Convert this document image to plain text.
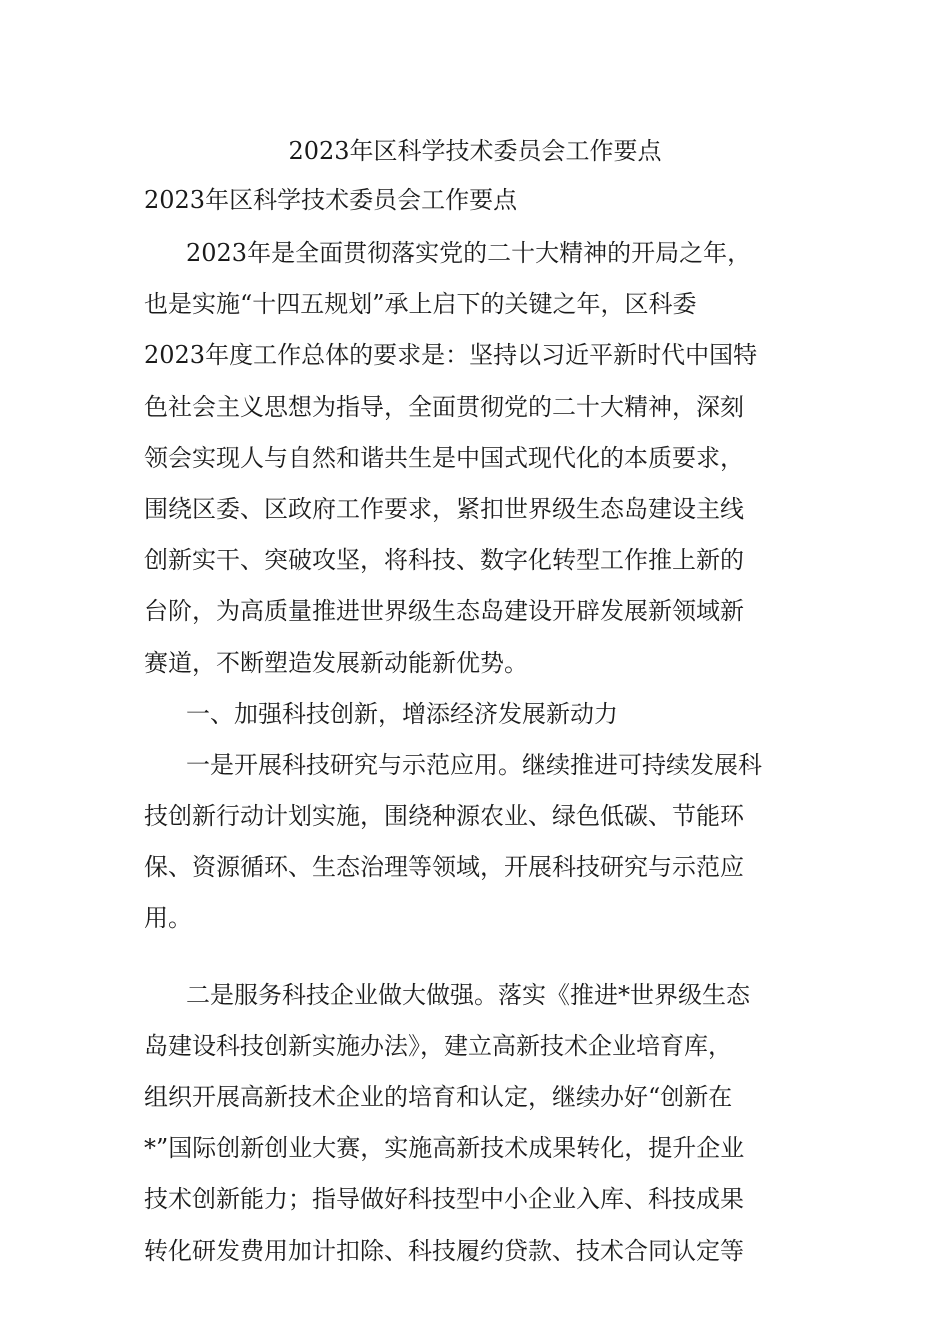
2023年区科学技术委员会工作要点
2023年区科学技术委员会工作要点
2023年是全面贯彻落实党的二十大精神的开局之年，
也是实施“十四五规划”承上启下的关键之年，区科委
2023年度工作总体的要求是：坚持以习近平新时代中国特
色社会主义思想为指导，全面贯彻党的二十大精神，深刻
领会实现人与自然和谐共生是中国式现代化的本质要求，
围绕区委、区政府工作要求，紧扣世界级生态岛建设主线
创新实干、突破攻坚，将科技、数字化转型工作推上新的
台阶，为高质量推进世界级生态岛建设开辟发展新领域新
赛道，不断塑造发展新动能新优势。
一、加强科技创新，增添经济发展新动力
一是开展科技研究与示范应用。继续推进可持续发展科
技创新行动计划实施，围绕种源农业、绿色低碳、节能环
保、资源循环、生态治理等领域，开展科技研究与示范应
用。
二是服务科技企业做大做强。落实《推进*世界级生态
岛建设科技创新实施办法》，建立高新技术企业培育库，
组织开展高新技术企业的培育和认定，继续办好“创新在
*”国际创新创业大赛，实施高新技术成果转化，提升企业
技术创新能力；指导做好科技型中小企业入库、科技成果
转化研发费用加计扣除、科技履约贷款、技术合同认定等
